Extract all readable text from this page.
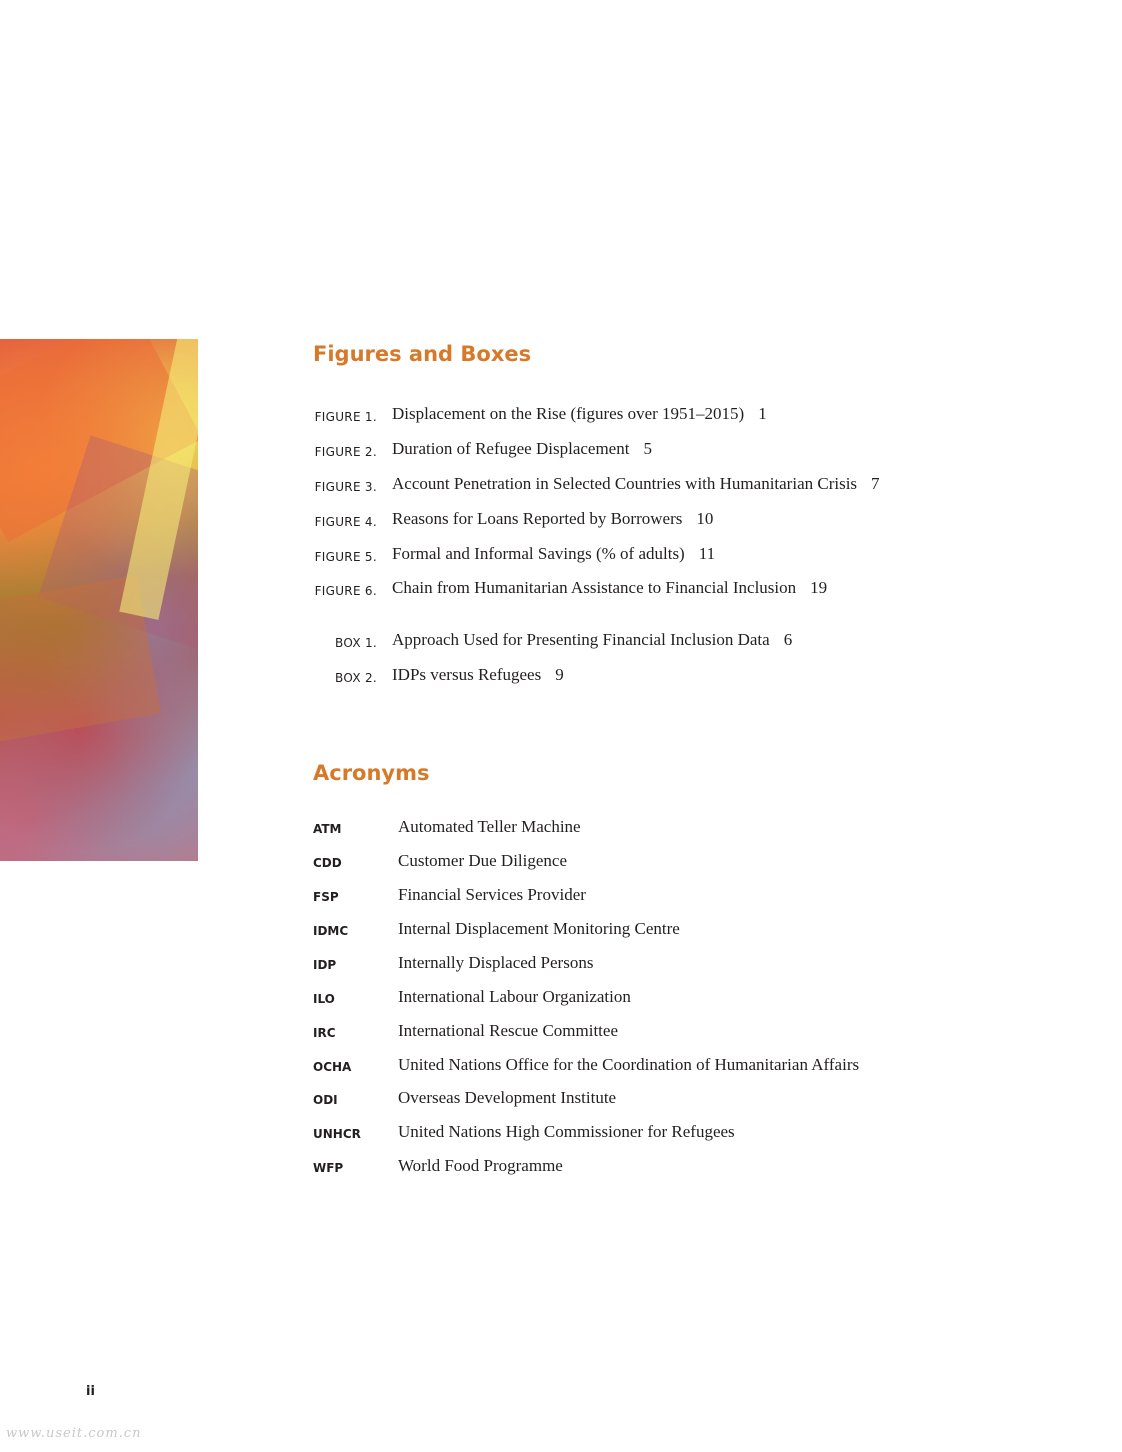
Figures and Boxes
FIGURE 1. Displacement on the Rise (figures over 1951–2015) 1
FIGURE 2. Duration of Refugee Displacement 5
FIGURE 3. Account Penetration in Selected Countries with Humanitarian Crisis 7
FIGURE 4. Reasons for Loans Reported by Borrowers 10
FIGURE 5. Formal and Informal Savings (% of adults) 11
FIGURE 6. Chain from Humanitarian Assistance to Financial Inclusion 19
BOX 1. Approach Used for Presenting Financial Inclusion Data 6
BOX 2. IDPs versus Refugees 9
Acronyms
ATM	Automated Teller Machine
CDD	Customer Due Diligence
FSP	Financial Services Provider
IDMC	Internal Displacement Monitoring Centre
IDP	Internally Displaced Persons
ILO	International Labour Organization
IRC	International Rescue Committee
OCHA	United Nations Office for the Coordination of Humanitarian Affairs
ODI	Overseas Development Institute
UNHCR United Nations High Commissioner for Refugees
WFP	World Food Programme
ii
www.useit.com.cn
